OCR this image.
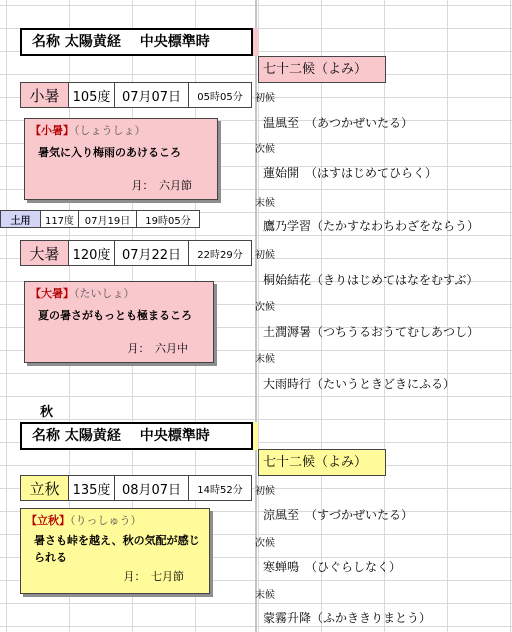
名称 太陽黄経　 中央標準時
七十二候（よみ）
小暑	105度 07月07日	05時05分
【小暑】（しょうしょ）
暑気に入り梅雨のあけるころ
月：　六月節
土用	117度	07月19日	19時05分
大暑	120度 07月22日	22時29分
【大暑】（たいしょ）
夏の暑さがもっとも極まるころ
月：　六月中
初候
温風至　（あつかぜいたる）
次候
蓮始開　（はすはじめてひらく）
末候
鷹乃学習（たかすなわちわざをならう）
初候
桐始結花（きりはじめてはなをむすぶ）
次候
土潤溽暑（つちうるおうてむしあつし）
末候
大雨時行（たいうときどきにふる）
秋
名称 太陽黄経　 中央標準時
七十二候（よみ）
立秋	135度 08月07日	14時52分
【立秋】（りっしゅう）
暑さも峠を越え、秋の気配が感じられる
月：　七月節
初候
涼風至　（すづかぜいたる）
次候
寒蝉鳴　（ひぐらしなく）
末候
蒙霧升降（ふかききりまとう）
